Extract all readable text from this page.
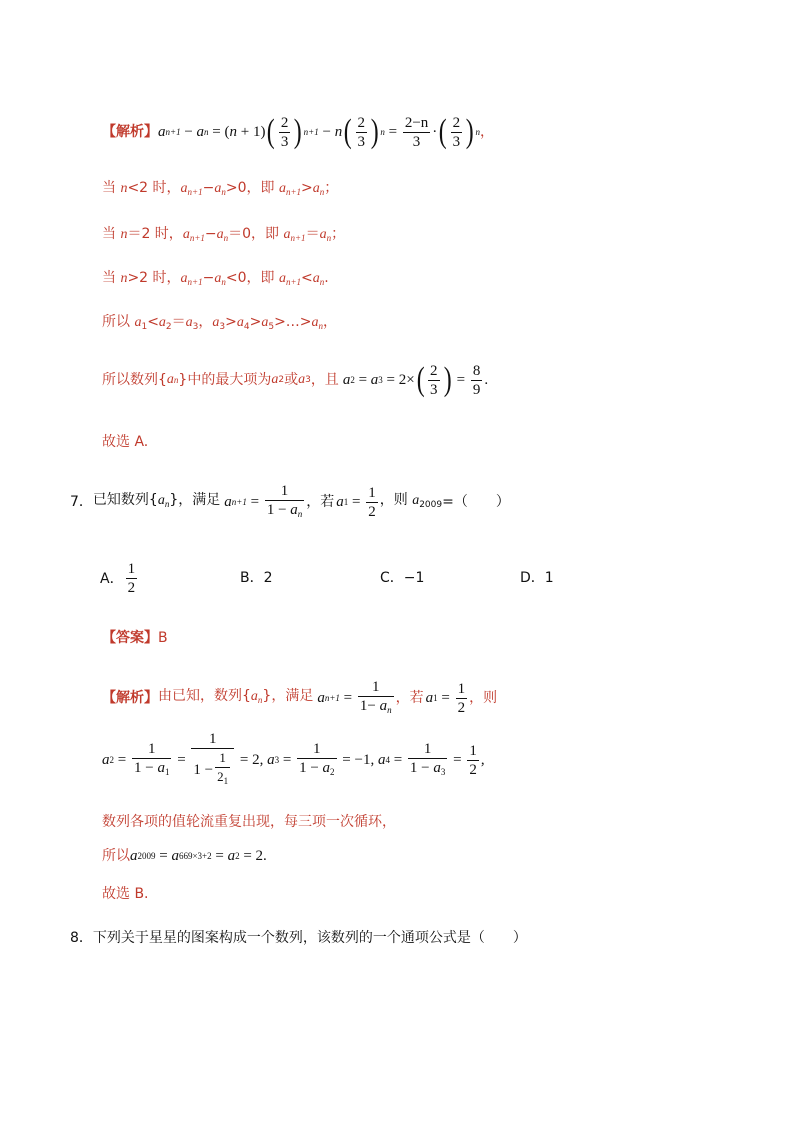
【解析】 a n+1 − a n = ( n + 1) ( $\frac{2}{3}$ ) n+1 − n ( $\frac{2}{3}$ ) $n = \frac{2-n}{3}$ · ( $\frac{2}{3}$ ) n ，
当 n<2 时，$a_{n+1}-a_n>0$，即 $a_{n+1}>a_n$；
当 n＝2 时，$a_{n+1}-a_n=0$，即 $a_{n+1}=a_n$；
当 n>2 时，$a_{n+1}-a_n<0$，即 $a_{n+1}<a_n$.
所以 $a_1<a_2=a_3$，$a_3>a_4>a_5>\dots>a_n$，
所以数列{ a n }中的最大项为 a 2 或 a 3 ，且 a 2 = a 3 = 2× ( $\frac{2}{3}$ ) = $\frac{8}{9}$ .
故选 A.
7． 已知数列$\{a_n\}$，满足 a $n+1 = \frac{1}{1 - a_n}$ ，若 a $1 = \frac{1}{2}$ ，则 $a_{2009}$ =（　　）
A． $\frac{1}{2}$	B．2	C．−1	D．1
【答案】B
【解析】 由已知，数列$\{a_n\}$，满足 a $n+1 = \frac{1}{1- a_n}$ ，若 a $1 = \frac{1}{2}$ ，则
a $2 = \frac{1}{1 - a_1} = \frac{1}{1 - \frac{1}{2_1}} = 2$, a $3 = \frac{1}{1 - a_2} = -1$, a $4 = \frac{1}{1 - a_3} = \frac{1}{2}$ ,
数列各项的值轮流重复出现，每三项一次循环，
所以 a 2009 = a 669×3+2 = a 2 = 2.
故选 B.
8．下列关于星星的图案构成一个数列，该数列的一个通项公式是（　　）
